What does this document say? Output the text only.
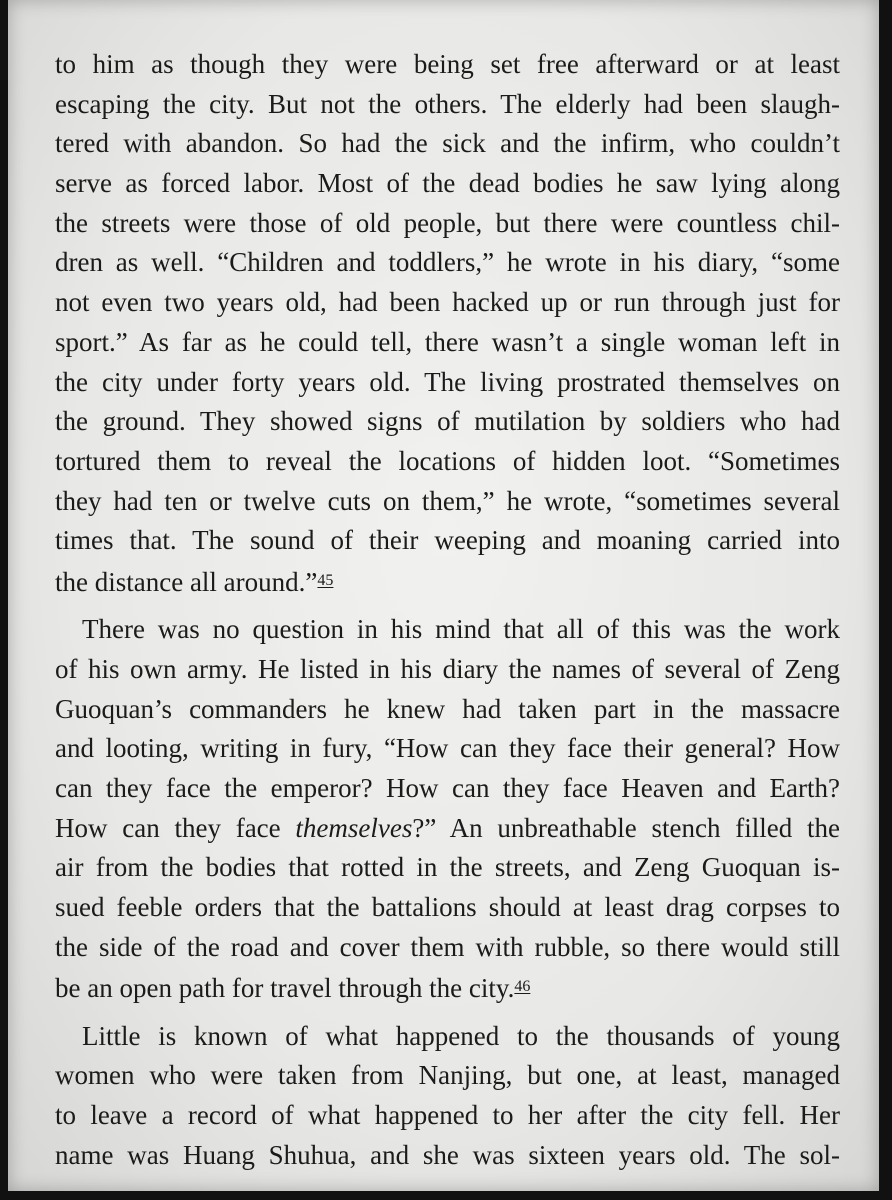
to him as though they were being set free afterward or at least
escaping the city. But not the others. The elderly had been slaugh-
tered with abandon. So had the sick and the infirm, who couldn’t
serve as forced labor. Most of the dead bodies he saw lying along
the streets were those of old people, but there were countless chil-
dren as well. “Children and toddlers,” he wrote in his diary, “some
not even two years old, had been hacked up or run through just for
sport.” As far as he could tell, there wasn’t a single woman left in
the city under forty years old. The living prostrated themselves on
the ground. They showed signs of mutilation by soldiers who had
tortured them to reveal the locations of hidden loot. “Sometimes
they had ten or twelve cuts on them,” he wrote, “sometimes several
times that. The sound of their weeping and moaning carried into
the distance all around.”$^{45}$
There was no question in his mind that all of this was the work
of his own army. He listed in his diary the names of several of Zeng
Guoquan’s commanders he knew had taken part in the massacre
and looting, writing in fury, “How can they face their general? How
can they face the emperor? How can they face Heaven and Earth?
How can they face themselves?” An unbreathable stench filled the
air from the bodies that rotted in the streets, and Zeng Guoquan is-
sued feeble orders that the battalions should at least drag corpses to
the side of the road and cover them with rubble, so there would still
be an open path for travel through the city.$^{46}$
Little is known of what happened to the thousands of young
women who were taken from Nanjing, but one, at least, managed
to leave a record of what happened to her after the city fell. Her
name was Huang Shuhua, and she was sixteen years old. The sol-
